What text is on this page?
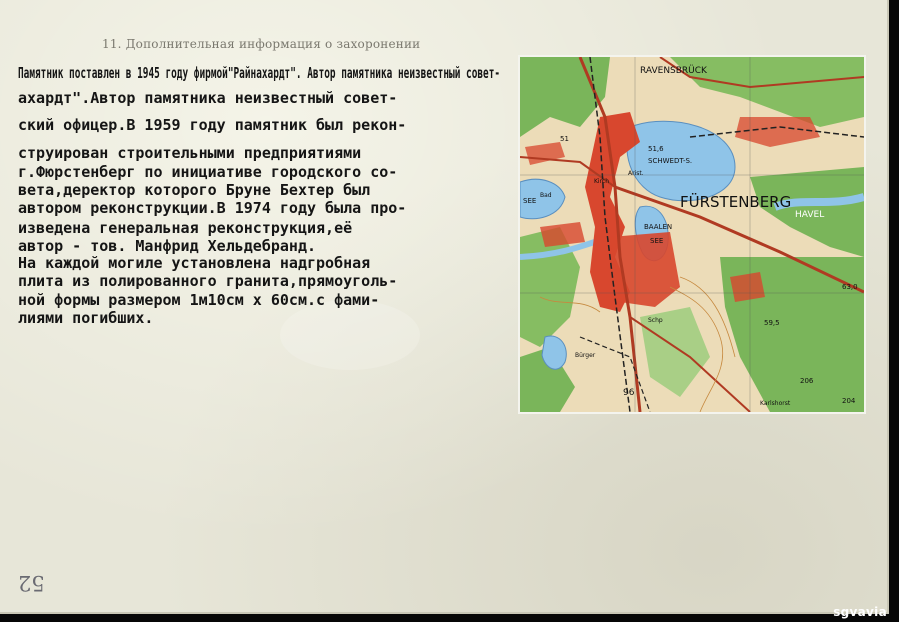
11. Дополнительная информация о захоронении
Памятник поставлен в 1945 году фирмой"Райнахардт". Автор памятника неизвестный совет-
ахардт".Автор памятника неизвестный совет-
ский офицер.В 1959 году памятник был рекон-
струирован строительными предприятиями
г.Фюрстенберг по инициативе городского со-
вета,деректор которого Бруне Бехтер был
автором реконструкции.В 1974 году была про-
изведена генеральная реконструкция,её
автор - тов. Манфрид Хельдебранд.
На каждой могиле установлена надгробная
плита из полированного гранита,прямоуголь-
ной формы размером 1м10см х 60см.с фами-
лиями погибших.
52
RAVENSBRÜCK
FÜRSTENBERG
SCHWEDT-S.
BAALEN
SEE
SEE
HAVEL
51,6
63,0
59,5
51
206
204
96
Arist.
Kirch
Bad
Schp
Bürger
Karlshorst
sgvavia
